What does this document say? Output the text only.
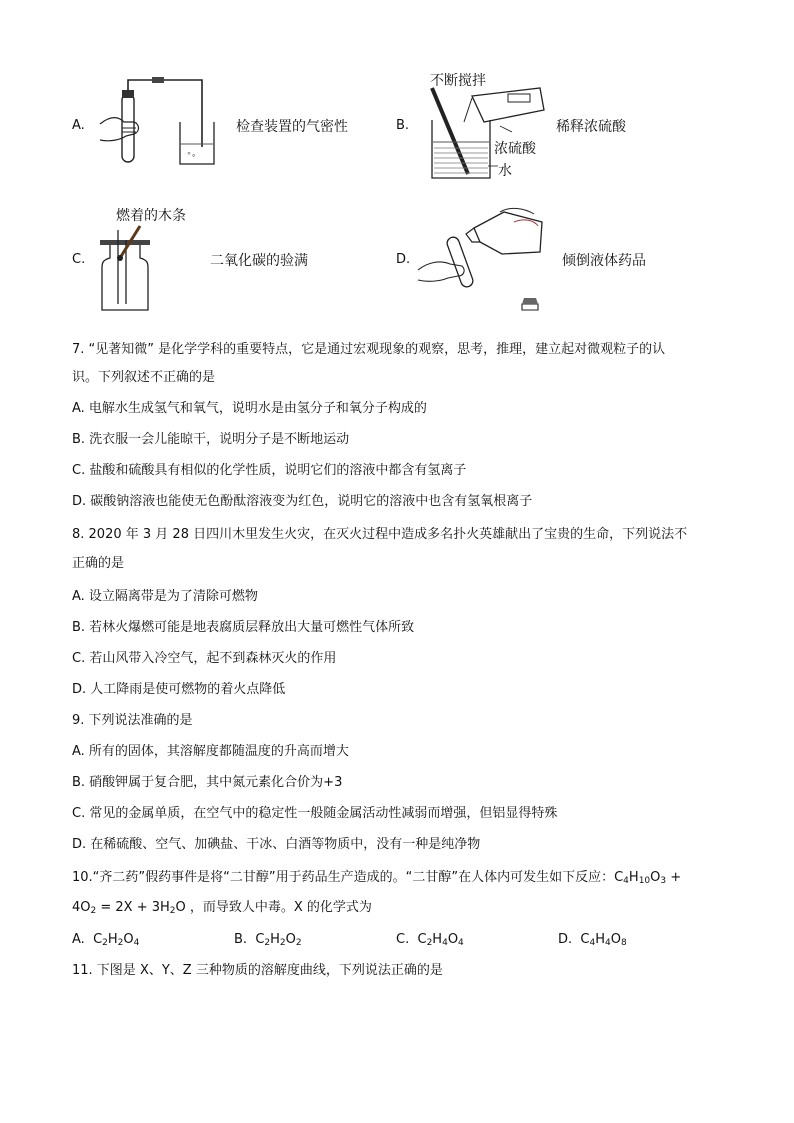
A.
°∘
检查装置的气密性	B.
不断搅拌
稀释浓硫酸
浓硫酸
水
燃着的木条
C.	二氧化碳的验满	D.	倾倒液体药品
7. “见著知微” 是化学学科的重要特点，它是通过宏观现象的观察，思考，推理，建立起对微观粒子的认
识。下列叙述不正确的是
A. 电解水生成氢气和氧气，说明水是由氢分子和氧分子构成的
B. 洗衣服一会儿能晾干，说明分子是不断地运动
C. 盐酸和硫酸具有相似的化学性质，说明它们的溶液中都含有氢离子
D. 碳酸钠溶液也能使无色酚酞溶液变为红色，说明它的溶液中也含有氢氧根离子
8. 2020 年 3 月 28 日四川木里发生火灾，在灭火过程中造成多名扑火英雄献出了宝贵的生命，下列说法不
正确的是
A. 设立隔离带是为了清除可燃物
B. 若林火爆燃可能是地表腐质层释放出大量可燃性气体所致
C. 若山风带入冷空气，起不到森林灭火的作用
D. 人工降雨是使可燃物的着火点降低
9. 下列说法准确的是
A. 所有的固体，其溶解度都随温度的升高而增大
B. 硝酸钾属于复合肥，其中氮元素化合价为+3
C. 常见的金属单质，在空气中的稳定性一般随金属活动性减弱而增强，但铝显得特殊
D. 在稀硫酸、空气、加碘盐、干冰、白酒等物质中，没有一种是纯净物
10.“齐二药”假药事件是将“二甘醇”用于药品生产造成的。“二甘醇”在人体内可发生如下反应：$C_4H_{10}O_3$ +
$4O_2 = 2X + 3H_2O$ ，而导致人中毒。X 的化学式为
A. $C_2H_2O_4$	B. $C_2H_2O_2$	C. $C_2H_4O_4$	D. $C_4H_4O_8$
11. 下图是 X、Y、Z 三种物质的溶解度曲线，下列说法正确的是
